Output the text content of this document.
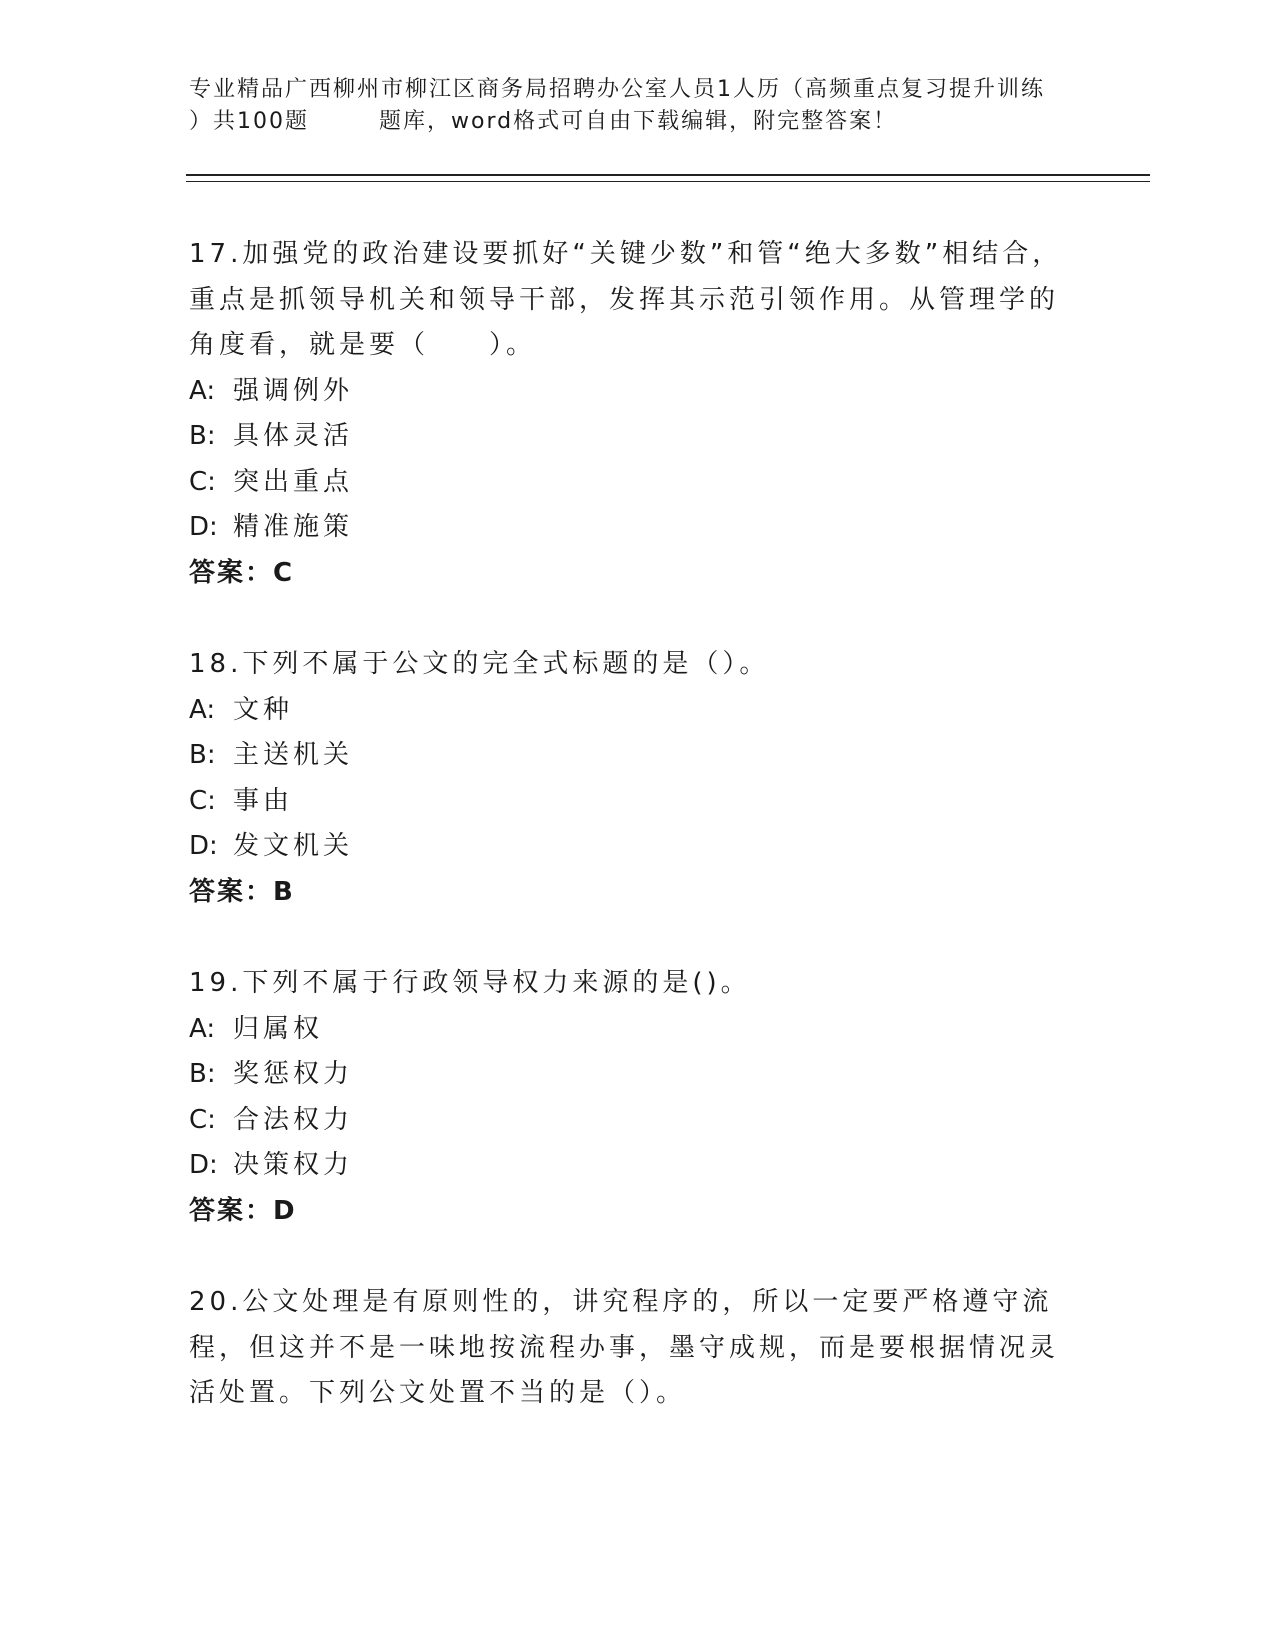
专业精品广西柳州市柳江区商务局招聘办公室人员1人历（高频重点复习提升训练
）共100题	题库，word格式可自由下载编辑，附完整答案！
17.加强党的政治建设要抓好“关键少数”和管“绝大多数”相结合，重点是抓领导机关和领导干部，发挥其示范引领作用。从管理学的角度看，就是要（　　）。
A: 强调例外
B: 具体灵活
C: 突出重点
D: 精准施策
答案：C
18.下列不属于公文的完全式标题的是（）。
A: 文种
B: 主送机关
C: 事由
D: 发文机关
答案：B
19.下列不属于行政领导权力来源的是()。
A: 归属权
B: 奖惩权力
C: 合法权力
D: 决策权力
答案：D
20.公文处理是有原则性的，讲究程序的，所以一定要严格遵守流程，但这并不是一味地按流程办事，墨守成规，而是要根据情况灵活处置。下列公文处置不当的是（）。
